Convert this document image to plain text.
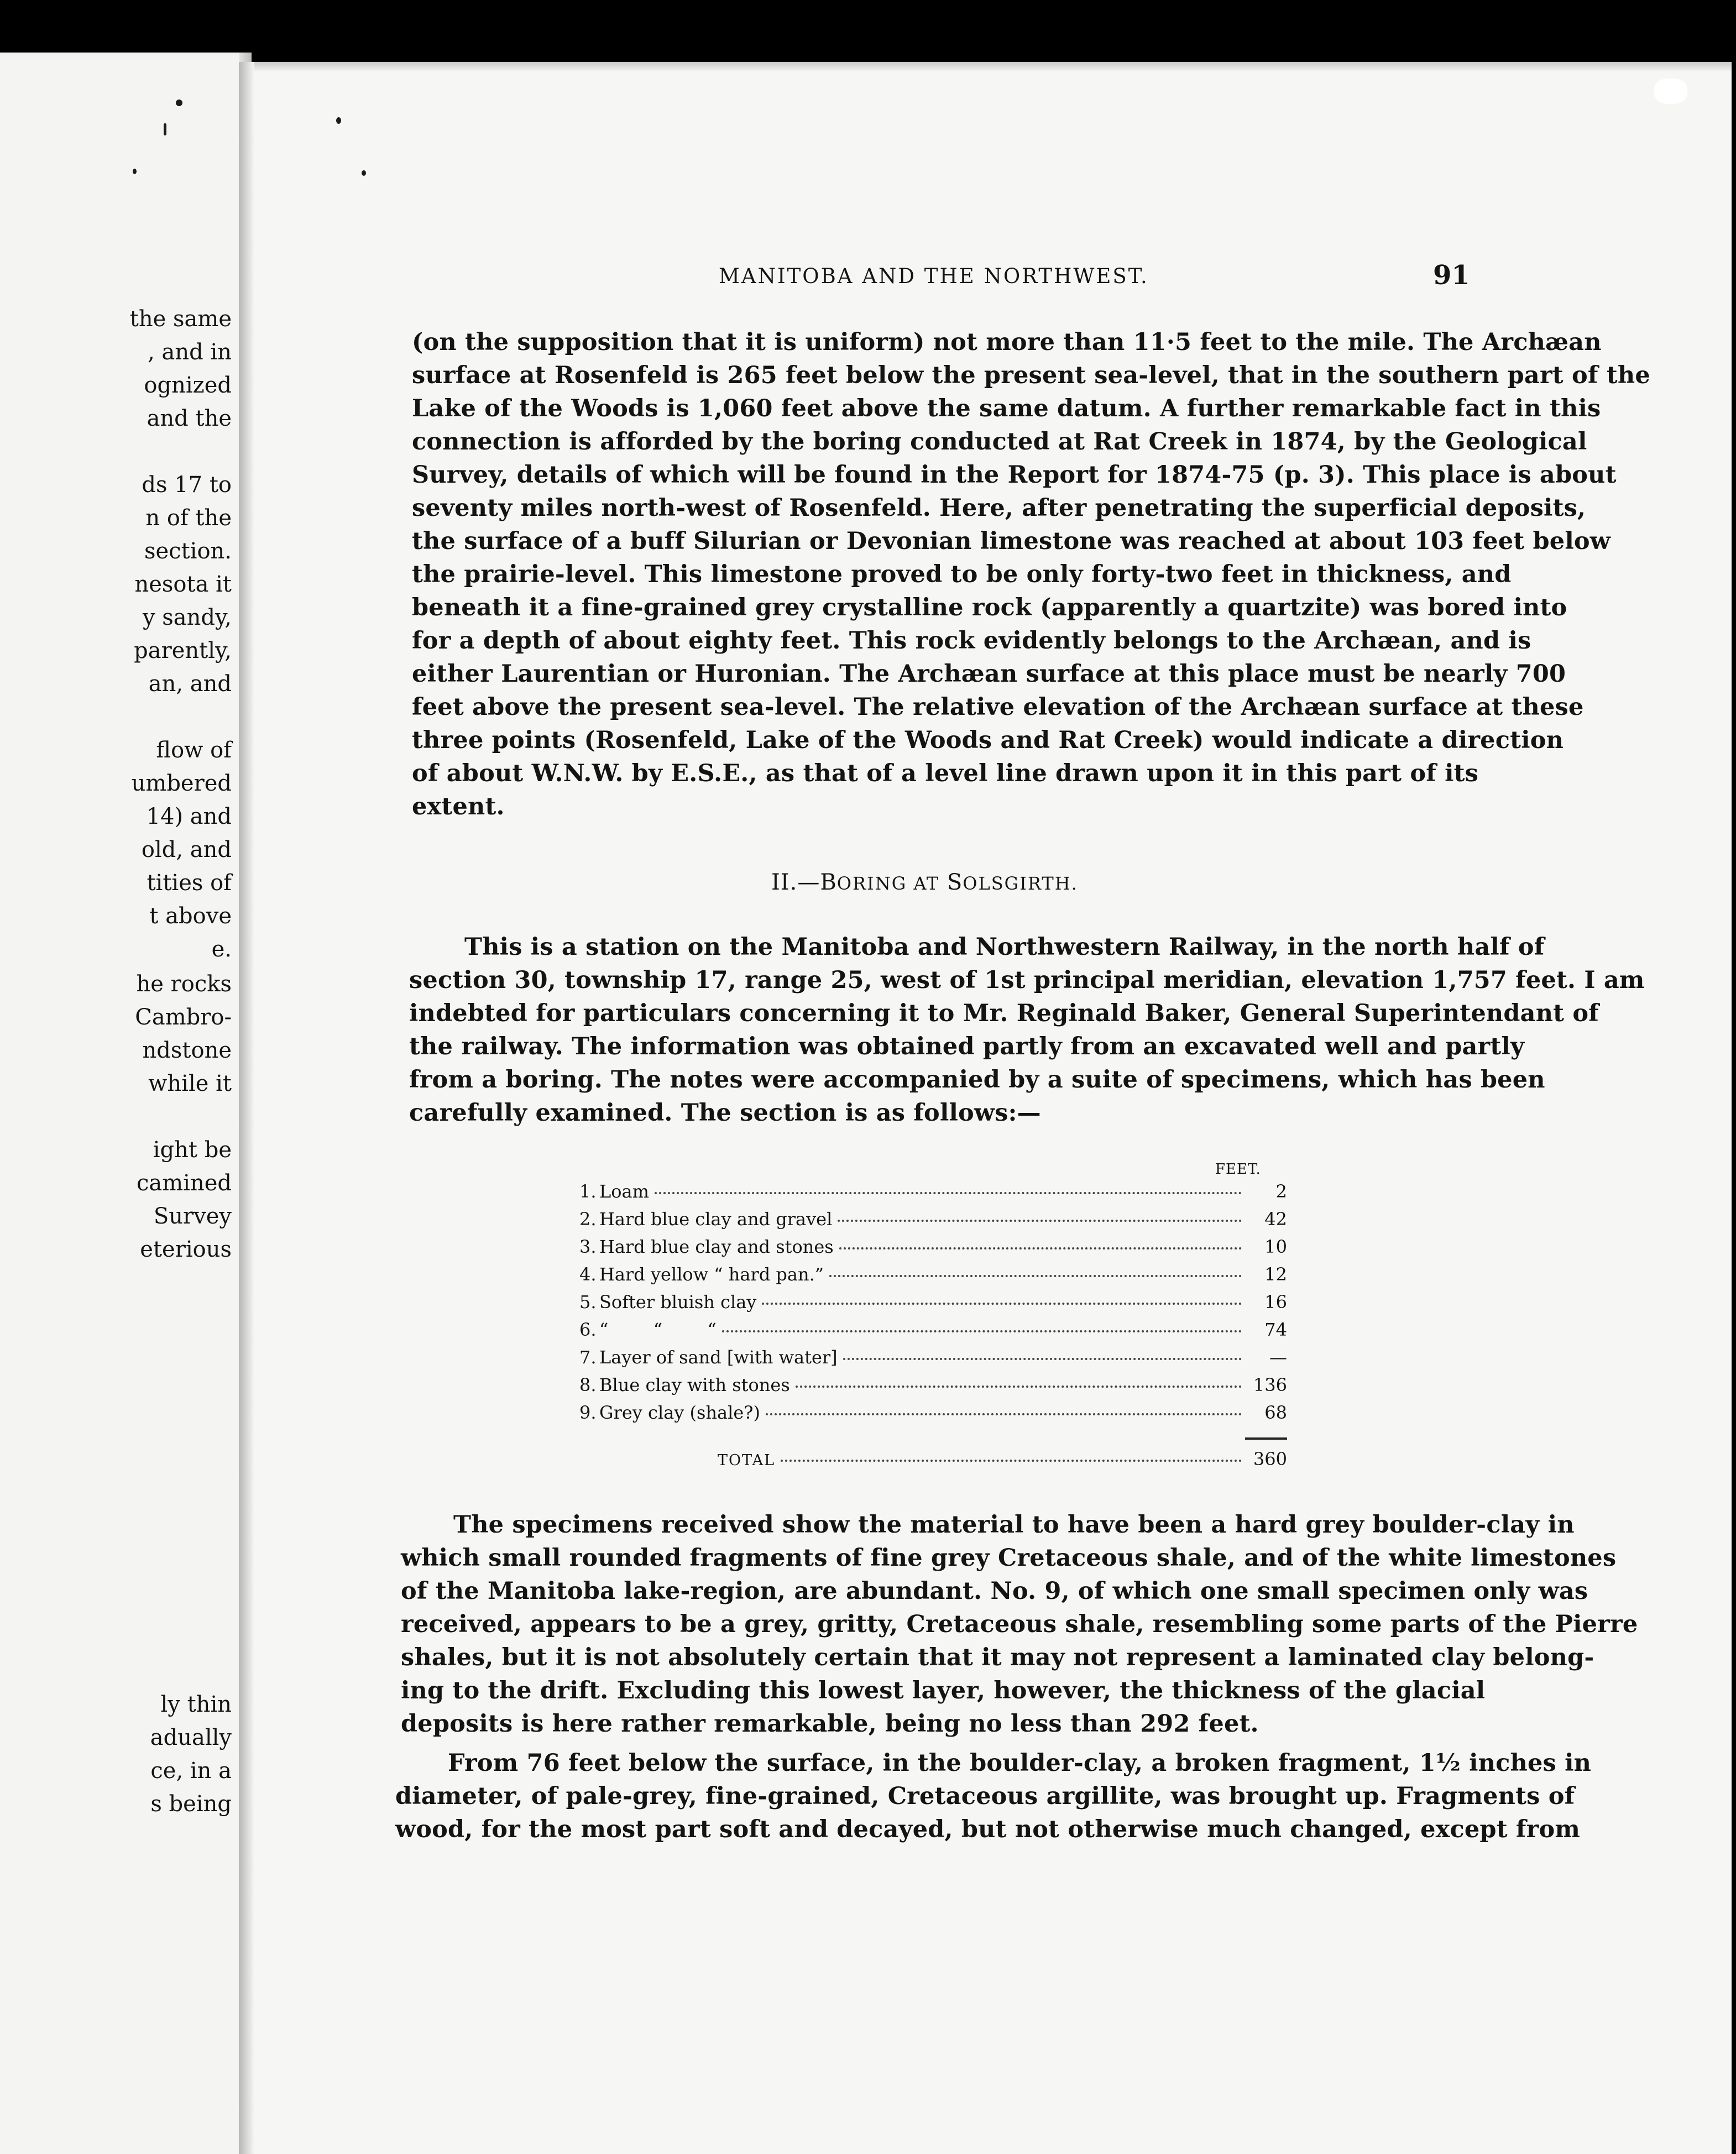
the same
, and in
ognized
and the
ds 17 to
n of the
section.
nesota it
y sandy,
parently,
an, and
flow of
umbered
14) and
old, and
tities of
t above
e.
he rocks
Cambro-
ndstone
while it
ight be
camined
Survey
eterious
ly thin
adually
ce, in a
s being
MANITOBA AND THE NORTHWEST.	91
(on the supposition that it is uniform) not more than 11·5 feet to the mile. The Archæan
surface at Rosenfeld is 265 feet below the present sea-level, that in the southern part of the
Lake of the Woods is 1,060 feet above the same datum. A further remarkable fact in this
connection is afforded by the boring conducted at Rat Creek in 1874, by the Geological
Survey, details of which will be found in the Report for 1874-75 (p. 3). This place is about
seventy miles north-west of Rosenfeld. Here, after penetrating the superficial deposits,
the surface of a buff Silurian or Devonian limestone was reached at about 103 feet below
the prairie-level. This limestone proved to be only forty-two feet in thickness, and
beneath it a fine-grained grey crystalline rock (apparently a quartzite) was bored into
for a depth of about eighty feet. This rock evidently belongs to the Archæan, and is
either Laurentian or Huronian. The Archæan surface at this place must be nearly 700
feet above the present sea-level. The relative elevation of the Archæan surface at these
three points (Rosenfeld, Lake of the Woods and Rat Creek) would indicate a direction
of about W.N.W. by E.S.E., as that of a level line drawn upon it in this part of its
extent.
II.—BORING AT SOLSGIRTH.
This is a station on the Manitoba and Northwestern Railway, in the north half of
section 30, township 17, range 25, west of 1st principal meridian, elevation 1,757 feet. I am
indebted for particulars concerning it to Mr. Reginald Baker, General Superintendant of
the railway. The information was obtained partly from an excavated well and partly
from a boring. The notes were accompanied by a suite of specimens, which has been
carefully examined. The section is as follows:—
FEET.
1. Loam	2
2. Hard blue clay and gravel	42
3. Hard blue clay and stones	10
4. Hard yellow “ hard pan.”	12
5. Softer bluish clay	16
6. “        “        “	74
7. Layer of sand [with water]	—
8. Blue clay with stones	136
9. Grey clay (shale?)	68
TOTAL	360
The specimens received show the material to have been a hard grey boulder-clay in
which small rounded fragments of fine grey Cretaceous shale, and of the white limestones
of the Manitoba lake-region, are abundant. No. 9, of which one small specimen only was
received, appears to be a grey, gritty, Cretaceous shale, resembling some parts of the Pierre
shales, but it is not absolutely certain that it may not represent a laminated clay belong-
ing to the drift. Excluding this lowest layer, however, the thickness of the glacial
deposits is here rather remarkable, being no less than 292 feet.
From 76 feet below the surface, in the boulder-clay, a broken fragment, 1½ inches in
diameter, of pale-grey, fine-grained, Cretaceous argillite, was brought up. Fragments of
wood, for the most part soft and decayed, but not otherwise much changed, except from
